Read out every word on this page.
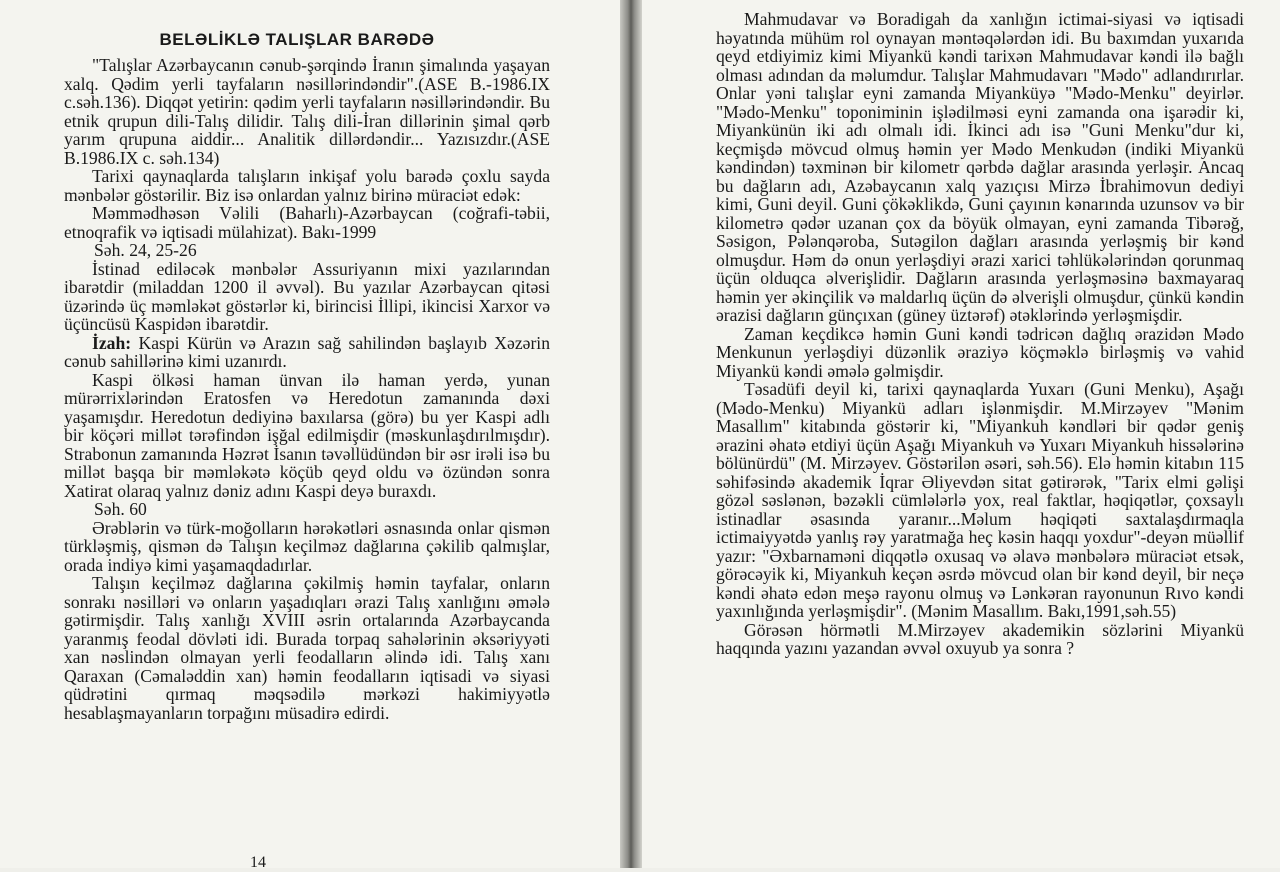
BELƏLİKLƏ TALIŞLAR BARƏDƏ

"Talışlar Azərbaycanın cənub-şərqində İranın şimalında yaşayan xalq. Qədim yerli tayfaların nəsillərindəndir".(ASE B.-1986.IX c.səh.136). Diqqət yetirin: qədim yerli tayfaların nəsillərindəndir. Bu etnik qrupun dili-Talış dilidir. Talış dili-İran dillərinin şimal qərb yarım qrupuna aiddir... Analitik dillərdəndir... Yazısızdır.(ASE B.1986.IX c. səh.134)

Tarixi qaynaqlarda talışların inkişaf yolu barədə çoxlu sayda mənbələr göstərilir. Biz isə onlardan yalnız birinə müraciət edək:

Məmmədhəsən Vəlili (Baharlı)-Azərbaycan (coğrafi-təbii, etnoqrafik və iqtisadi mülahizat). Bakı-1999

Səh. 24, 25-26

İstinad ediləcək mənbələr Assuriyanın mixi yazılarından ibarətdir (miladdan 1200 il əvvəl). Bu yazılar Azərbaycan qitəsi üzərində üç məmləkət göstərlər ki, birincisi İllipi, ikincisi Xarxor və üçüncüsü Kaspidən ibarətdir.

İzah: Kaspi Kürün və Arazın sağ sahilindən başlayıb Xəzərin cənub sahillərinə kimi uzanırdı.

Kaspi ölkəsi haman ünvan ilə haman yerdə, yunan mürərrixlərindən Eratosfen və Heredotun zamanında dəxi yaşamışdır. Heredotun dediyinə baxılarsa (görə) bu yer Kaspi adlı bir köçəri millət tərəfindən işğal edilmişdir (məskunlaşdırılmışdır). Strabonun zamanında Həzrət İsanın təvəllüdündən bir əsr irəli isə bu millət başqa bir məmləkətə köçüb qeyd oldu və özündən sonra Xatirat olaraq yalnız dəniz adını Kaspi deyə buraxdı.

Səh. 60

Ərəblərin və türk-moğolların hərəkətləri əsnasında onlar qismən türkləşmiş, qismən də Talışın keçilməz dağlarına çəkilib qalmışlar, orada indiyə kimi yaşamaqdadırlar.

Talışın keçilməz dağlarına çəkilmiş həmin tayfalar, onların sonrakı nəsilləri və onların yaşadıqları ərazi Talış xanlığını əmələ gətirmişdir. Talış xanlığı XVIII əsrin ortalarında Azərbaycanda yaranmış feodal dövləti idi. Burada torpaq sahələrinin əksəriyyəti xan nəslindən olmayan yerli feodalların əlində idi. Talış xanı Qaraxan (Cəmaləddin xan) həmin feodalların iqtisadi və siyasi qüdrətini qırmaq məqsədilə mərkəzi hakimiyyətlə hesablaşmayanların torpağını müsadirə edirdi.

14

Mahmudavar və Boradigah da xanlığın ictimai-siyasi və iqtisadi həyatında mühüm rol oynayan məntəqələrdən idi. Bu baxımdan yuxarıda qeyd etdiyimiz kimi Miyankü kəndi tarixən Mahmudavar kəndi ilə bağlı olması adından da məlumdur. Talışlar Mahmudavarı "Mədo" adlandırırlar. Onlar yəni talışlar eyni zamanda Miyanküyə "Mədo-Menku" deyirlər. "Mədo-Menku" toponiminin işlədilməsi eyni zamanda ona işarədir ki, Miyankünün iki adı olmalı idi. İkinci adı isə "Guni Menku"dur ki, keçmişdə mövcud olmuş həmin yer Mədo Menkudən (indiki Miyankü kəndindən) təxminən bir kilometr qərbdə dağlar arasında yerləşir. Ancaq bu dağların adı, Azəbaycanın xalq yazıçısı Mirzə İbrahimovun dediyi kimi, Guni deyil. Guni çökəklikdə, Guni çayının kənarında uzunsov və bir kilometrə qədər uzanan çox da böyük olmayan, eyni zamanda Tibərəğ, Səsigon, Pələnqəroba, Sutəgilon dağları arasında yerləşmiş bir kənd olmuşdur. Həm də onun yerləşdiyi ərazi xarici təhlükələrindən qorunmaq üçün olduqca əlverişlidir. Dağların arasında yerləşməsinə baxmayaraq həmin yer əkinçilik və maldarlıq üçün də əlverişli olmuşdur, çünkü kəndin ərazisi dağların günçıxan (güney üztərəf) ətəklərində yerləşmişdir.

Zaman keçdikcə həmin Guni kəndi tədricən dağlıq ərazidən Mədo Menkunun yerləşdiyi düzənlik əraziyə köçməklə birləşmiş və vahid Miyankü kəndi əmələ gəlmişdir.

Təsadüfi deyil ki, tarixi qaynaqlarda Yuxarı (Guni Menku), Aşağı (Mədo-Menku) Miyankü adları işlənmişdir. M.Mirzəyev "Mənim Masallım" kitabında göstərir ki, "Miyankuh kəndləri bir qədər geniş ərazini əhatə etdiyi üçün Aşağı Miyankuh və Yuxarı Miyankuh hissələrinə bölünürdü" (M. Mirzəyev. Göstərilən əsəri, səh.56). Elə həmin kitabın 115 səhifəsində akademik İqrar Əliyevdən sitat gətirərək, "Tarix elmi gəlişi gözəl səslənən, bəzəkli cümlələrlə yox, real faktlar, həqiqətlər, çoxsaylı istinadlar əsasında yaranır...Məlum həqiqəti saxtalaşdırmaqla ictimaiyyətdə yanlış rəy yaratmağa heç kəsin haqqı yoxdur"-deyən müəllif yazır: "Əxbarnaməni diqqətlə oxusaq və əlavə mənbələrə müraciət etsək, görəcəyik ki, Miyankuh keçən əsrdə mövcud olan bir kənd deyil, bir neçə kəndi əhatə edən meşə rayonu olmuş və Lənkəran rayonunun Rıvo kəndi yaxınlığında yerləşmişdir". (Mənim Masallım. Bakı,1991,səh.55)

Görəsən hörmətli M.Mirzəyev akademikin sözlərini Miyankü haqqında yazını yazandan əvvəl oxuyub ya sonra ?
